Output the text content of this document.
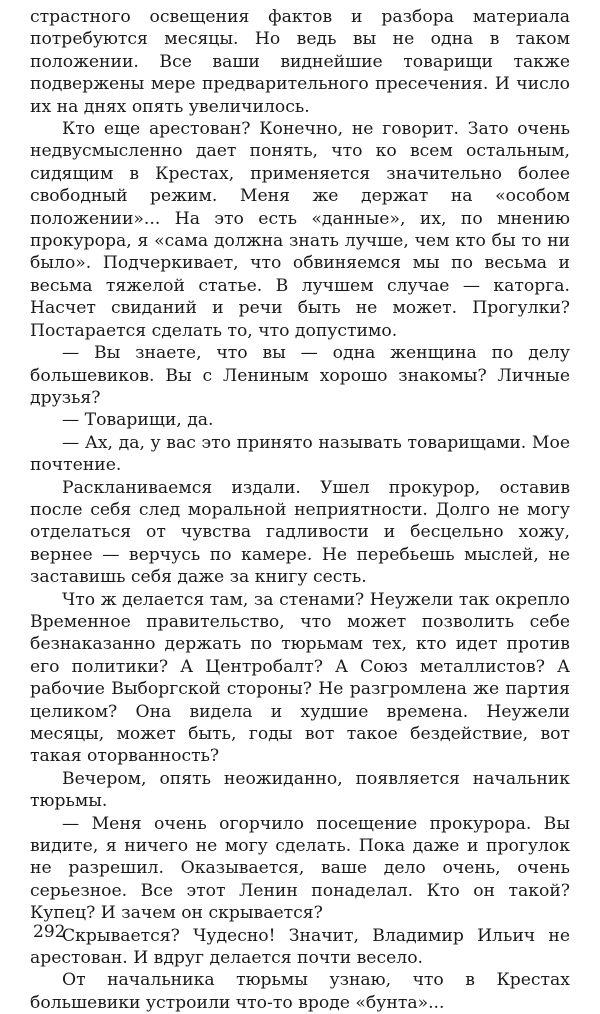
страстного освещения фактов и разбора материала потребуются месяцы. Но ведь вы не одна в таком положении. Все ваши виднейшие товарищи также подвержены мере предварительного пресечения. И число их на днях опять увеличилось.

Кто еще арестован? Конечно, не говорит. Зато очень недвусмысленно дает понять, что ко всем остальным, сидящим в Крестах, применяется значительно более свободный режим. Меня же держат на «особом положении»... На это есть «данные», их, по мнению прокурора, я «сама должна знать лучше, чем кто бы то ни было». Подчеркивает, что обвиняемся мы по весьма и весьма тяжелой статье. В лучшем случае — каторга. Насчет свиданий и речи быть не может. Прогулки? Постарается сделать то, что допустимо.

— Вы знаете, что вы — одна женщина по делу большевиков. Вы с Лениным хорошо знакомы? Личные друзья?

— Товарищи, да.

— Ах, да, у вас это принято называть товарищами. Мое почтение.

Раскланиваемся издали. Ушел прокурор, оставив после себя след моральной неприятности. Долго не могу отделаться от чувства гадливости и бесцельно хожу, вернее — верчусь по камере. Не перебьешь мыслей, не заставишь себя даже за книгу сесть.

Что ж делается там, за стенами? Неужели так окрепло Временное правительство, что может позволить себе безнаказанно держать по тюрьмам тех, кто идет против его политики? А Центробалт? А Союз металлистов? А рабочие Выборгской стороны? Не разгромлена же партия целиком? Она видела и худшие времена. Неужели месяцы, может быть, годы вот такое бездействие, вот такая оторванность?

Вечером, опять неожиданно, появляется начальник тюрьмы.

— Меня очень огорчило посещение прокурора. Вы видите, я ничего не могу сделать. Пока даже и прогулок не разрешил. Оказывается, ваше дело очень, очень серьезное. Все этот Ленин понаделал. Кто он такой? Купец? И зачем он скрывается?

Скрывается? Чудесно! Значит, Владимир Ильич не арестован. И вдруг делается почти весело.

От начальника тюрьмы узнаю, что в Крестах большевики устроили что-то вроде «бунта»...

292
